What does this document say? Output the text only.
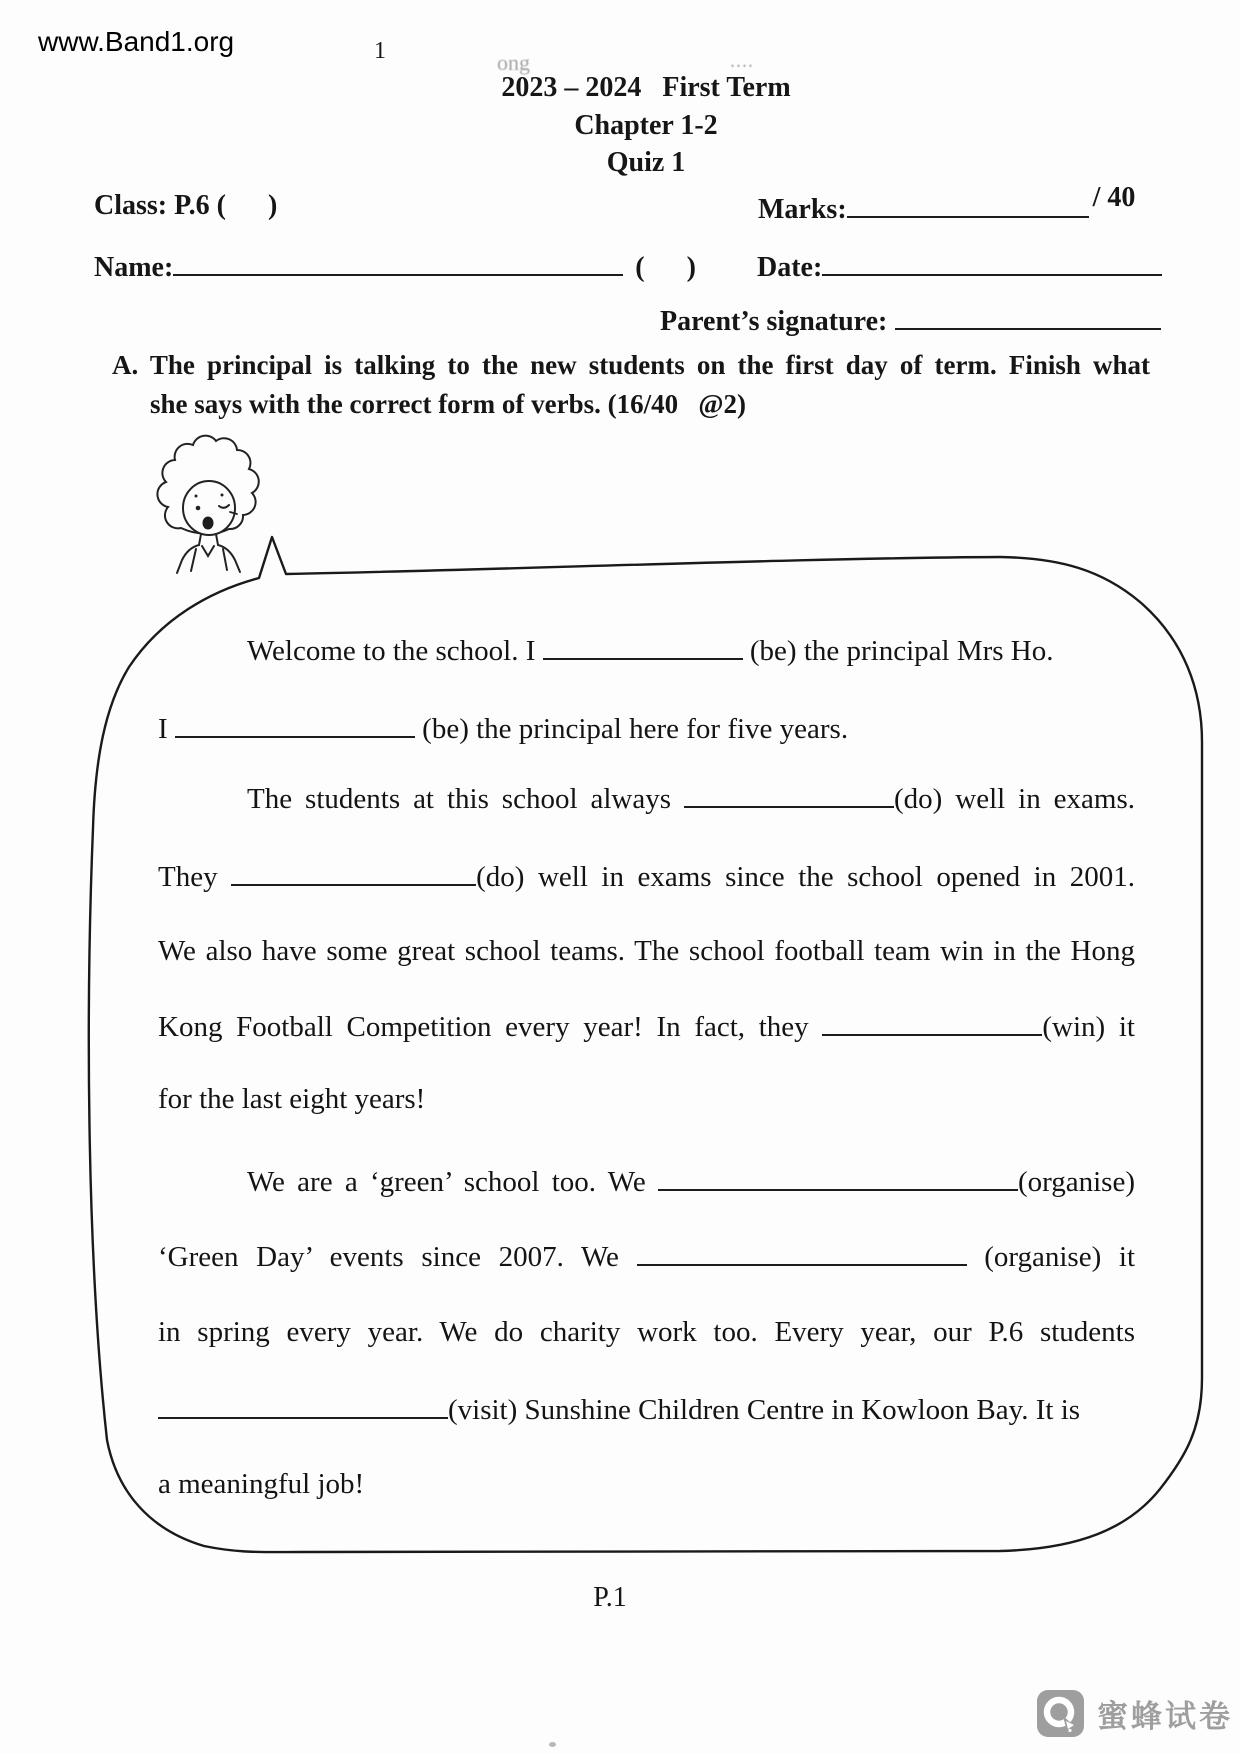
www.Band1.org	1	ong	....
2023 – 2024   First Term
Chapter 1-2
Quiz 1
Class: P.6 (      )	Marks:	/ 40
Name:	(      ) Date:
Parent’s signature:
A. The principal is talking to the new students on the first day of term. Finish what
she says with the correct form of verbs. (16/40   @2)
Welcome to the school. I	(be) the principal Mrs Ho.
I	(be) the principal here for five years.
The students at this school always	(do) well in exams.
They	(do) well in exams since the school opened in 2001.
We also have some great school teams. The school football team win in the Hong
Kong Football Competition every year! In fact, they	(win) it
for the last eight years!
We are a ‘green’ school too. We	(organise)
‘Green Day’ events since 2007. We	(organise) it
in spring every year. We do charity work too. Every year, our P.6 students
(visit) Sunshine Children Centre in Kowloon Bay. It is
a meaningful job!
P.1
蜜蜂试卷
